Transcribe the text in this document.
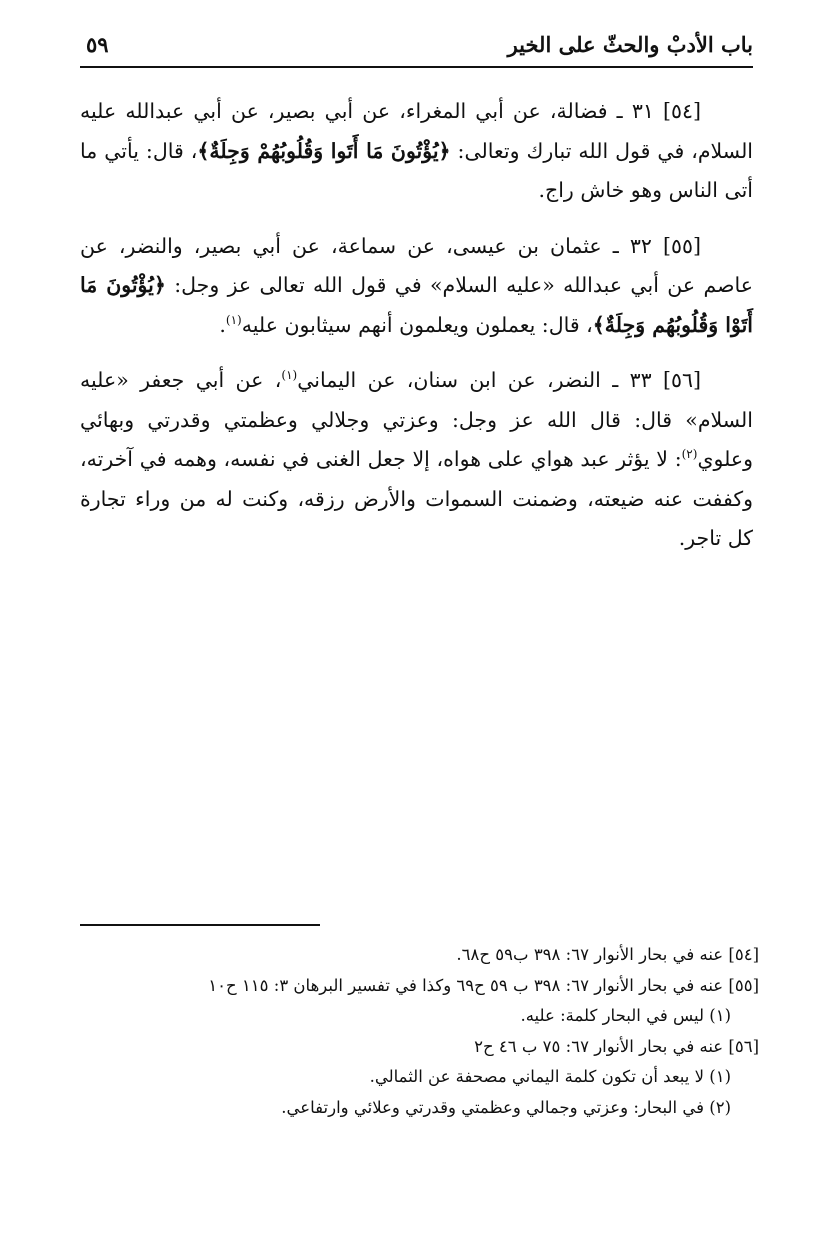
باب الأدبْ والحثّ على الخير
٥٩

[٥٤] ٣١ ـ فضالة، عن أبي المغراء، عن أبي بصير، عن أبي عبدالله عليه السلام، في قول الله تبارك وتعالى: ﴿يُؤْتُونَ مَا أَتَوا وَقُلُوبُهُمْ وَجِلَةٌ﴾، قال: يأتي ما أتى الناس وهو خاش راج.

[٥٥] ٣٢ ـ عثمان بن عيسى، عن سماعة، عن أبي بصير، والنضر، عن عاصم عن أبي عبدالله «عليه السلام» في قول الله تعالى عز وجل: ﴿يُؤْتُونَ مَا أَتَوْا وَقُلُوبُهُم وَجِلَةٌ﴾، قال: يعملون ويعلمون أنهم سيثابون عليه$^{(١)}$.

[٥٦] ٣٣ ـ النضر، عن ابن سنان، عن اليماني$^{(١)}$، عن أبي جعفر «عليه السلام» قال: قال الله عز وجل: وعزتي وجلالي وعظمتي وقدرتي وبهائي وعلوي$^{(٢)}$: لا يؤثر عبد هواي على هواه، إلا جعل الغنى في نفسه، وهمه في آخرته، وكففت عنه ضيعته، وضمنت السموات والأرض رزقه، وكنت له من وراء تجارة كل تاجر.

[٥٤] عنه في بحار الأنوار ٦٧: ٣٩٨ ب٥٩ ح٦٨.
[٥٥] عنه في بحار الأنوار ٦٧: ٣٩٨ ب ٥٩ ح٦٩ وكذا في تفسير البرهان ٣: ١١٥ ح١٠
(١) ليس في البحار كلمة: عليه.
[٥٦] عنه في بحار الأنوار ٦٧: ٧٥ ب ٤٦ ح٢
(١) لا يبعد أن تكون كلمة اليماني مصحفة عن الثمالي.
(٢) في البحار: وعزتي وجمالي وعظمتي وقدرتي وعلائي وارتفاعي.
